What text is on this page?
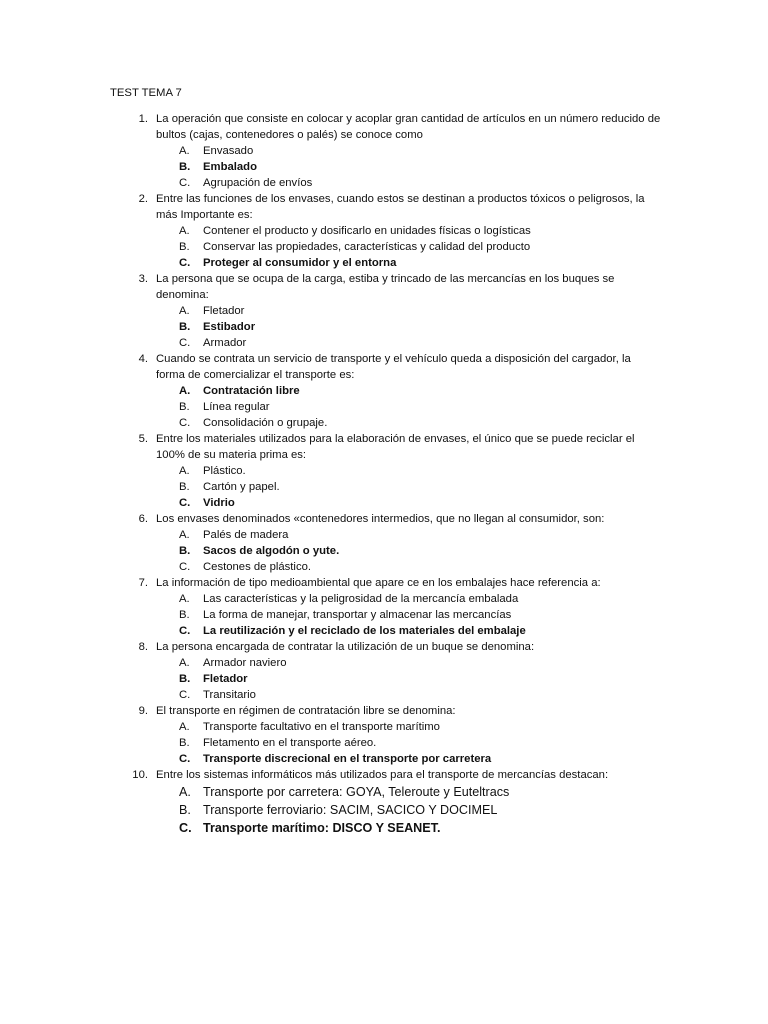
TEST TEMA 7
1. La operación que consiste en colocar y acoplar gran cantidad de artículos en un número reducido de bultos (cajas, contenedores o palés) se conoce como
A. Envasado
B. Embalado
C. Agrupación de envíos
2. Entre las funciones de los envases, cuando estos se destinan a productos tóxicos o peligrosos, la más Importante es:
A. Contener el producto y dosificarlo en unidades físicas o logísticas
B. Conservar las propiedades, características y calidad del producto
C. Proteger al consumidor y el entorna
3. La persona que se ocupa de la carga, estiba y trincado de las mercancías en los buques se denomina:
A. Fletador
B. Estibador
C. Armador
4. Cuando se contrata un servicio de transporte y el vehículo queda a disposición del cargador, la forma de comercializar el transporte es:
A. Contratación libre
B. Línea regular
C. Consolidación o grupaje.
5. Entre los materiales utilizados para la elaboración de envases, el único que se puede reciclar el 100% de su materia prima es:
A. Plástico.
B. Cartón y papel.
C. Vidrio
6. Los envases denominados «contenedores intermedios, que no llegan al consumidor, son:
A. Palés de madera
B. Sacos de algodón o yute.
C. Cestones de plástico.
7. La información de tipo medioambiental que apare ce en los embalajes hace referencia a:
A. Las características y la peligrosidad de la mercancía embalada
B. La forma de manejar, transportar y almacenar las mercancías
C. La reutilización y el reciclado de los materiales del embalaje
8. La persona encargada de contratar la utilización de un buque se denomina:
A. Armador naviero
B. Fletador
C. Transitario
9. El transporte en régimen de contratación libre se denomina:
A. Transporte facultativo en el transporte marítimo
B. Fletamento en el transporte aéreo.
C. Transporte discrecional en el transporte por carretera
10. Entre los sistemas informáticos más utilizados para el transporte de mercancías destacan:
A. Transporte por carretera: GOYA, Teleroute y Euteltracs
B. Transporte ferroviario: SACIM, SACICO Y DOCIMEL
C. Transporte marítimo: DISCO Y SEANET.
